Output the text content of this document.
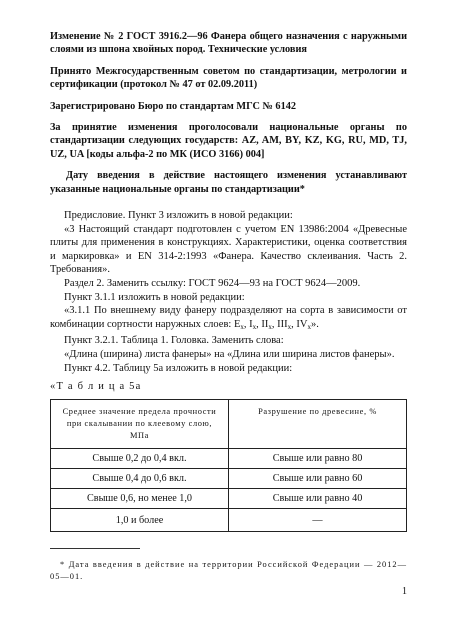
Изменение № 2 ГОСТ 3916.2—96 Фанера общего назначения с наружными слоями из шпона хвойных пород. Технические условия

Принято Межгосударственным советом по стандартизации, метрологии и сертификации (протокол № 47 от 02.09.2011)

Зарегистрировано Бюро по стандартам МГС № 6142

За принятие изменения проголосовали национальные органы по стандартизации следующих государств: AZ, AM, BY, KZ, KG, RU, MD, TJ, UZ, UA [коды альфа-2 по МК (ИСО 3166) 004]

Дату введения в действие настоящего изменения устанавливают указанные национальные органы по стандартизации*

Предисловие. Пункт 3 изложить в новой редакции:

«3 Настоящий стандарт подготовлен с учетом EN 13986:2004 «Древесные плиты для применения в конструкциях. Характеристики, оценка соответствия и маркировка» и EN 314-2:1993 «Фанера. Качество склеивания. Часть 2. Требования».

Раздел 2. Заменить ссылку: ГОСТ 9624—93 на ГОСТ 9624—2009.

Пункт 3.1.1 изложить в новой редакции:

«3.1.1 По внешнему виду фанеру подразделяют на сорта в зависимости от комбинации сортности наружных слоев: $Е_х$, $I_х$, $II_х$, $III_х$, $IV_х$».

Пункт 3.2.1. Таблица 1. Головка. Заменить слова:

«Длина (ширина) листа фанеры» на «Длина или ширина листов фанеры».

Пункт 4.2. Таблицу 5а изложить в новой редакции:

«Т а б л и ц а 5а

Среднее значение предела прочности при скалывании по клеевому слою, МПа	Разрушение по древесине, %
Свыше 0,2 до 0,4 вкл.	Свыше или равно 80
Свыше 0,4 до 0,6 вкл.	Свыше или равно 60
Свыше 0,6, но менее 1,0	Свыше или равно 40
1,0 и более	—

* Дата введения в действие на территории Российской Федерации — 2012—05—01.

1
